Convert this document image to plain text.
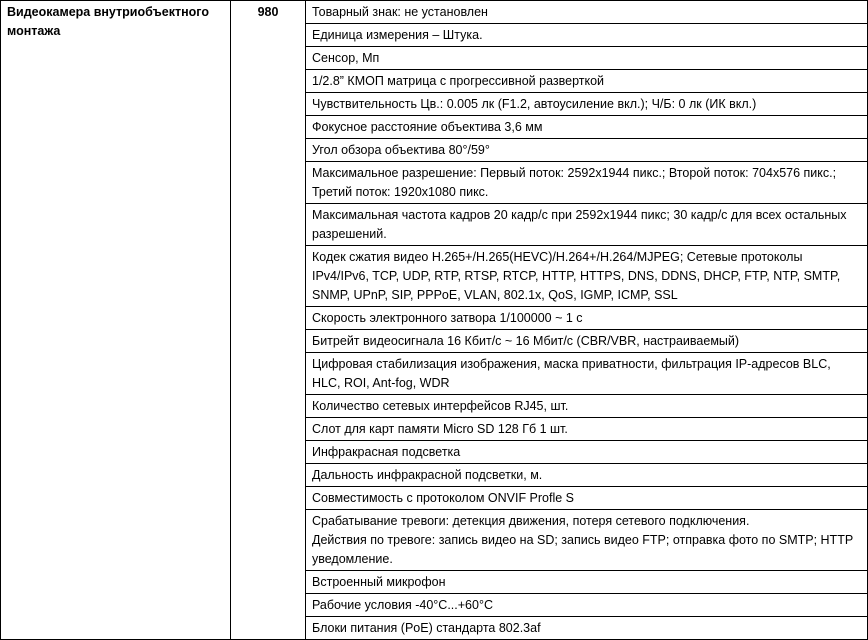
Видеокамера внутриобъектного монтажа	980	Товарный знак: не установлен

Единица измерения – Штука.

Сенсор, Мп

1/2.8” КМОП матрица с прогрессивной разверткой

Чувствительность Цв.: 0.005 лк (F1.2, автоусиление вкл.); Ч/Б: 0 лк (ИК вкл.)

Фокусное расстояние объектива 3,6 мм

Угол обзора объектива 80°/59°

Максимальное разрешение: Первый поток: 2592x1944 пикс.; Второй поток: 704x576 пикс.; Третий поток: 1920x1080 пикс.

Максимальная частота кадров 20 кадр/с при 2592x1944 пикс; 30 кадр/с для всех остальных разрешений.

Кодек сжатия видео H.265+/H.265(HEVC)/H.264+/H.264/MJPEG; Сетевые протоколы IPv4/IPv6, TCP, UDP, RTP, RTSP, RTCP, HTTP, HTTPS, DNS, DDNS, DHCP, FTP, NTP, SMTP, SNMP, UPnP, SIP, PPPoE, VLAN, 802.1x, QoS, IGMP, ICMP, SSL

Скорость электронного затвора 1/100000 ~ 1 с

Битрейт видеосигнала 16 Кбит/с ~ 16 Мбит/с (CBR/VBR, настраиваемый)

Цифровая стабилизация изображения, маска приватности, фильтрация IP-адресов BLC, HLC, ROI, Ant-fog, WDR

Количество сетевых интерфейсов RJ45, шт.

Слот для карт памяти Micro SD 128 Гб 1 шт.

Инфракрасная подсветка

Дальность инфракрасной подсветки, м.

Совместимость с протоколом ONVIF Profle S

Срабатывание тревоги: детекция движения, потеря сетевого подключения.
Действия по тревоге: запись видео на SD; запись видео FTP; отправка фото по SMTP; HTTP уведомление.

Встроенный микрофон

Рабочие условия -40°C...+60°C

Блоки питания (PoE) стандарта 802.3af
